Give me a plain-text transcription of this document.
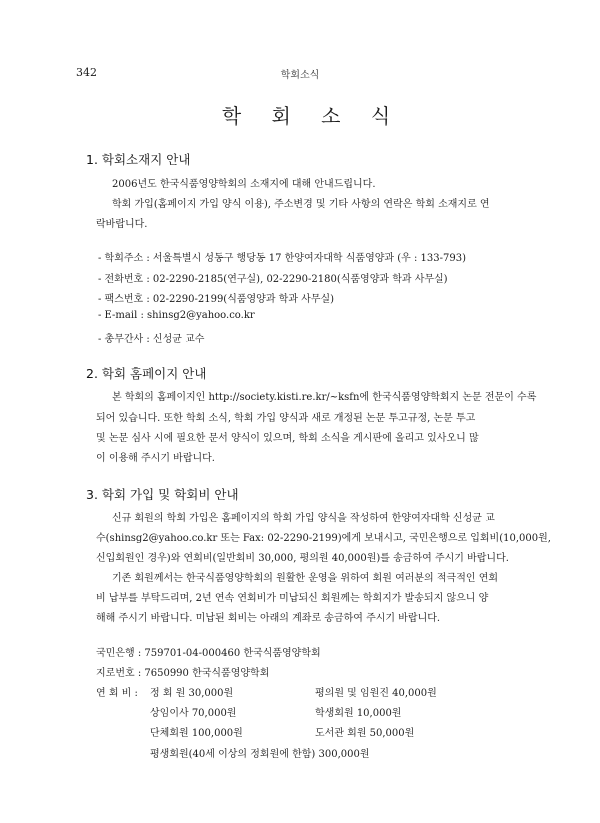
342	학회소식
학 회 소 식
1. 학회소재지 안내
2006년도 한국식품영양학회의 소재지에 대해 안내드립니다.
학회 가입(홈페이지 가입 양식 이용), 주소변경 및 기타 사항의 연락은 학회 소재지로 연
락바랍니다.
- 학회주소 : 서울특별시 성동구 행당동 17 한양여자대학 식품영양과 (우 : 133-793)
- 전화번호 : 02-2290-2185(연구실), 02-2290-2180(식품영양과 학과 사무실)
- 팩스번호 : 02-2290-2199(식품영양과 학과 사무실)
- E-mail : shinsg2@yahoo.co.kr
- 총무간사 : 신성균 교수
2. 학회 홈페이지 안내
본 학회의 홈페이지인 http://society.kisti.re.kr/~ksfn에 한국식품영양학회지 논문 전문이 수록
되어 있습니다. 또한 학회 소식, 학회 가입 양식과 새로 개정된 논문 투고규정, 논문 투고
및 논문 심사 시에 필요한 문서 양식이 있으며, 학회 소식을 게시판에 올리고 있사오니 많
이 이용해 주시기 바랍니다.
3. 학회 가입 및 학회비 안내
신규 회원의 학회 가입은 홈페이지의 학회 가입 양식을 작성하여 한양여자대학 신성균 교
수(shinsg2@yahoo.co.kr 또는 Fax: 02-2290-2199)에게 보내시고, 국민은행으로 입회비(10,000원,
신입회원인 경우)와 연회비(일반회비 30,000, 평의원 40,000원)를 송금하여 주시기 바랍니다.
기존 회원께서는 한국식품영양학회의 원활한 운영을 위하여 회원 여러분의 적극적인 연회
비 납부를 부탁드리며, 2년 연속 연회비가 미납되신 회원께는 학회지가 발송되지 않으니 양
해해 주시기 바랍니다. 미납된 회비는 아래의 계좌로 송금하여 주시기 바랍니다.
국민은행 : 759701-04-000460 한국식품영양학회
지로번호 : 7650990 한국식품영양학회
연 회 비 : 정 회 원 30,000원	평의원 및 임원진 40,000원
상임이사 70,000원	학생회원 10,000원
단체회원 100,000원	도서관 회원 50,000원
평생회원(40세 이상의 정회원에 한함) 300,000원
